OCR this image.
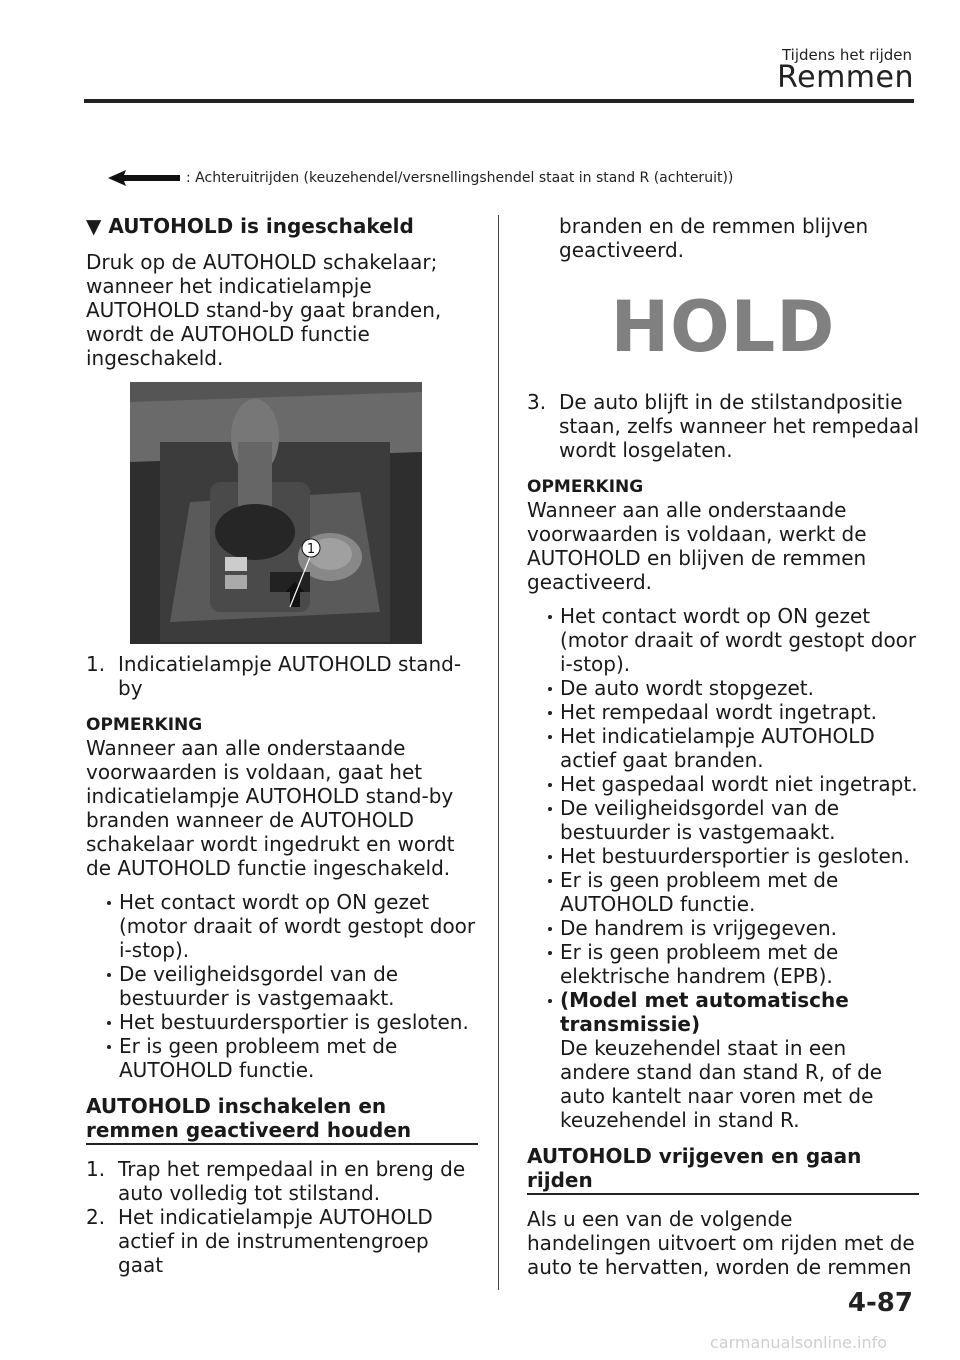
Tijdens het rijden
Remmen
: Achteruitrijden (keuzehendel/versnellingshendel staat in stand R (achteruit))

▼ AUTOHOLD is ingeschakeld

Druk op de AUTOHOLD schakelaar; wanneer het indicatielampje AUTOHOLD stand-by gaat branden, wordt de AUTOHOLD functie ingeschakeld.

1
1. Indicatielampje AUTOHOLD stand-by

OPMERKING

Wanneer aan alle onderstaande voorwaarden is voldaan, gaat het indicatielampje AUTOHOLD stand-by branden wanneer de AUTOHOLD schakelaar wordt ingedrukt en wordt de AUTOHOLD functie ingeschakeld.

Het contact wordt op ON gezet (motor draait of wordt gestopt door i-stop).
De veiligheidsgordel van de bestuurder is vastgemaakt.
Het bestuurdersportier is gesloten.
Er is geen probleem met de AUTOHOLD functie.

AUTOHOLD inschakelen en remmen geactiveerd houden

1. Trap het rempedaal in en breng de auto volledig tot stilstand.
2. Het indicatielampje AUTOHOLD actief in de instrumentengroep gaat
branden en de remmen blijven geactiveerd.
HOLD
3. De auto blijft in de stilstandpositie staan, zelfs wanneer het rempedaal wordt losgelaten.

OPMERKING

Wanneer aan alle onderstaande voorwaarden is voldaan, werkt de AUTOHOLD en blijven de remmen geactiveerd.

Het contact wordt op ON gezet (motor draait of wordt gestopt door i-stop).
De auto wordt stopgezet.
Het rempedaal wordt ingetrapt.
Het indicatielampje AUTOHOLD actief gaat branden.
Het gaspedaal wordt niet ingetrapt.
De veiligheidsgordel van de bestuurder is vastgemaakt.
Het bestuurdersportier is gesloten.
Er is geen probleem met de AUTOHOLD functie.
De handrem is vrijgegeven.
Er is geen probleem met de elektrische handrem (EPB).
(Model met automatische transmissie)
De keuzehendel staat in een andere stand dan stand R, of de auto kantelt naar voren met de keuzehendel in stand R.

AUTOHOLD vrijgeven en gaan rijden

Als u een van de volgende handelingen uitvoert om rijden met de auto te hervatten, worden de remmen

4-87
carmanualsonline.info
